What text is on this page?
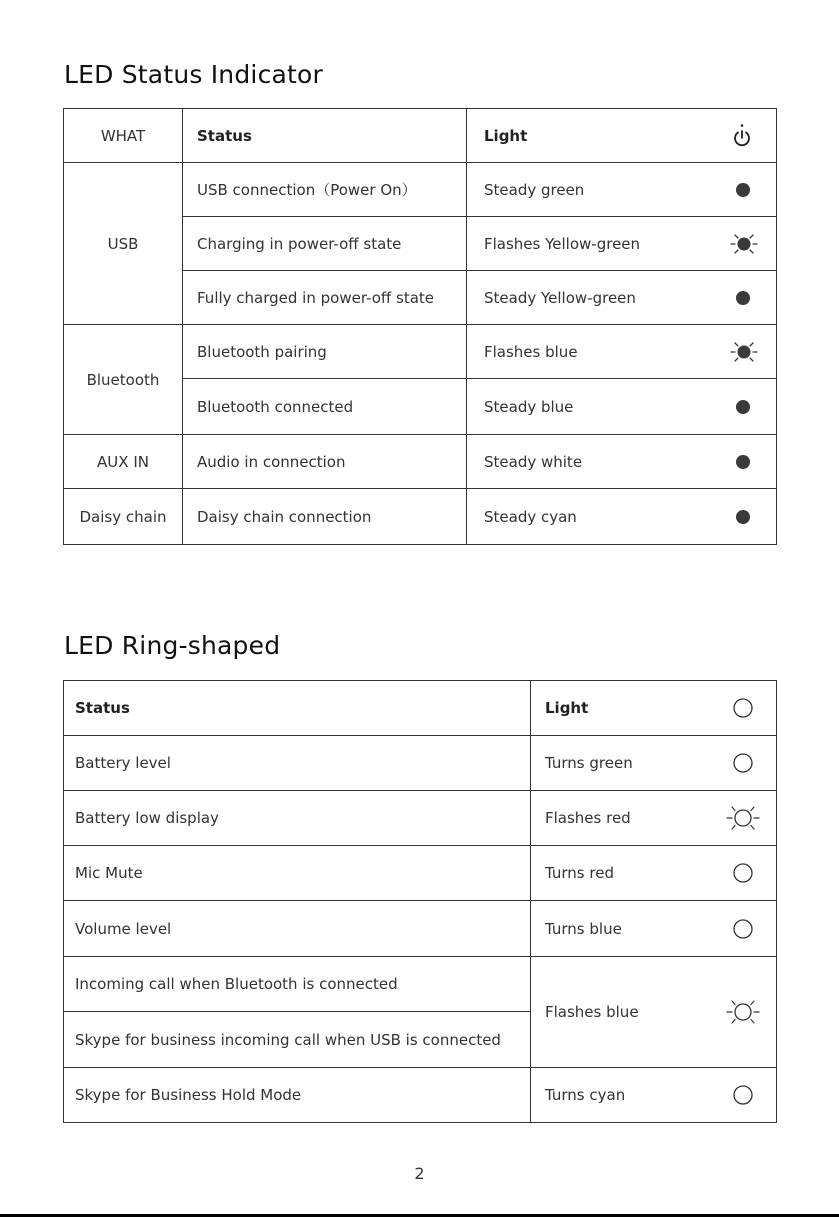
LED Status Indicator
WHAT	Status	Light

USB	USB connection（Power On）	Steady green

	Charging in power-off state	Flashes Yellow-green

	Fully charged in power-off state	Steady Yellow-green

Bluetooth	Bluetooth pairing	Flashes blue

	Bluetooth connected	Steady blue

AUX IN	Audio in connection	Steady white

Daisy chain	Daisy chain connection	Steady cyan
LED Ring-shaped
Status	Light

Battery level	Turns green

Battery low display	Flashes red

Mic Mute	Turns red

Volume level	Turns blue

Incoming call when Bluetooth is connected	Flashes blue

Skype for business incoming call when USB is connected	
Skype for Business Hold Mode	Turns cyan
2
